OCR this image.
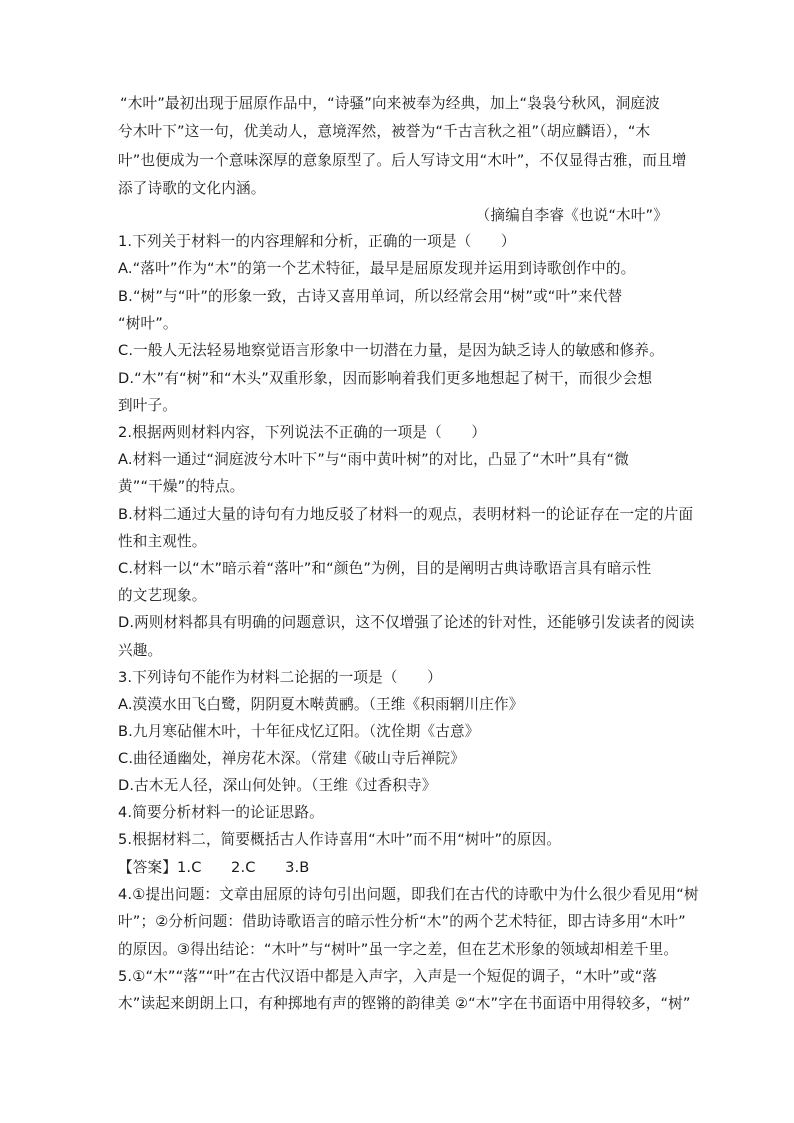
“木叶”最初出现于屈原作品中，“诗骚”向来被奉为经典，加上“袅袅兮秋风，洞庭波
兮木叶下”这一句，优美动人，意境浑然，被誉为“千古言秋之祖”（胡应麟语），“木
叶”也便成为一个意味深厚的意象原型了。后人写诗文用“木叶”，不仅显得古雅，而且增
添了诗歌的文化内涵。
（摘编自李睿《也说“木叶”》
1.下列关于材料一的内容理解和分析，正确的一项是（　　）
A.“落叶”作为“木”的第一个艺术特征，最早是屈原发现并运用到诗歌创作中的。
B.“树”与“叶”的形象一致，古诗又喜用单词，所以经常会用“树”或“叶”来代替
“树叶”。
C.一般人无法轻易地察觉语言形象中一切潜在力量，是因为缺乏诗人的敏感和修养。
D.“木”有“树”和“木头”双重形象，因而影响着我们更多地想起了树干，而很少会想
到叶子。
2.根据两则材料内容，下列说法不正确的一项是（　　）
A.材料一通过“洞庭波兮木叶下”与“雨中黄叶树”的对比，凸显了“木叶”具有“微
黄”“干燥”的特点。
B.材料二通过大量的诗句有力地反驳了材料一的观点，表明材料一的论证存在一定的片面
性和主观性。
C.材料一以“木”暗示着“落叶”和“颜色”为例，目的是阐明古典诗歌语言具有暗示性
的文艺现象。
D.两则材料都具有明确的问题意识，这不仅增强了论述的针对性，还能够引发读者的阅读
兴趣。
3.下列诗句不能作为材料二论据的一项是（　　）
A.漠漠水田飞白鹭，阴阴夏木啭黄鹂。（王维《积雨辋川庄作》
B.九月寒砧催木叶，十年征戍忆辽阳。（沈佺期《古意》
C.曲径通幽处，禅房花木深。（常建《破山寺后禅院》
D.古木无人径，深山何处钟。（王维《过香积寺》
4.简要分析材料一的论证思路。
5.根据材料二，简要概括古人作诗喜用“木叶”而不用“树叶”的原因。
【答案】1.C　　2.C　　3.B
4.①提出问题：文章由屈原的诗句引出问题，即我们在古代的诗歌中为什么很少看见用“树
叶”；②分析问题：借助诗歌语言的暗示性分析“木”的两个艺术特征，即古诗多用“木叶”
的原因。③得出结论：“木叶”与“树叶”虽一字之差，但在艺术形象的领域却相差千里。
5.①“木”“落”“叶”在古代汉语中都是入声字，入声是一个短促的调子，“木叶”或“落
木”读起来朗朗上口，有种掷地有声的铿锵的韵律美 ②“木”字在书面语中用得较多，“树”
